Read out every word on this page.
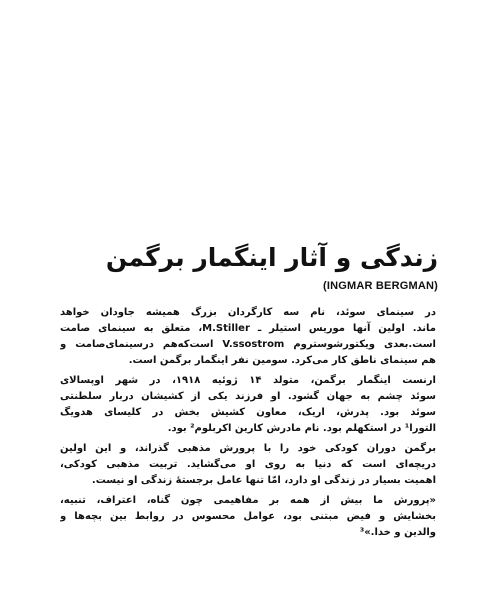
زندگی و آثار اینگمار برگمن
(INGMAR BERGMAN)
در سینمای سوئد، نام سه کارگردان بزرگ همیشه جاودان خواهد
ماند. اولین آنها موریس استیلر ـ M.Stiller، متعلق به سینمای صامت
است.بعدی ویکتورشوستروم V.ssostrom است‌که‌هم درسینمای‌صامت و
هم سینمای ناطق کار می‌کرد. سومین نفر اینگمار برگمن است.
ارنست اینگمار برگمن، متولد ۱۴ ژوئیه ۱۹۱۸، در شهر اوپسالای
سوئد چشم به جهان گشود. او فرزند یکی از کشیشان دربار سلطنتی
سوئد بود. پدرش، اریک، معاون کشیش بخش در کلیسای هدویگ
التورا¹ در استکهلم بود. نام مادرش کارین اکربلوم² بود.
برگمن دوران کودکی خود را با پرورش مذهبی گذراند، و این اولین
دریچه‌ای است که دنیا به روی او می‌گشاید. تربیت مذهبی کودکی،
اهمیت بسیار در زندگی او دارد، امّا تنها عامل برجستهٔ زندگی او نیست.
«پرورش ما بیش از همه بر مفاهیمی چون گناه، اعتراف، تنبیه،
بخشایش و فیض مبتنی بود، عوامل محسوس در روابط بین بچه‌ها و
والدین و خدا.»³
